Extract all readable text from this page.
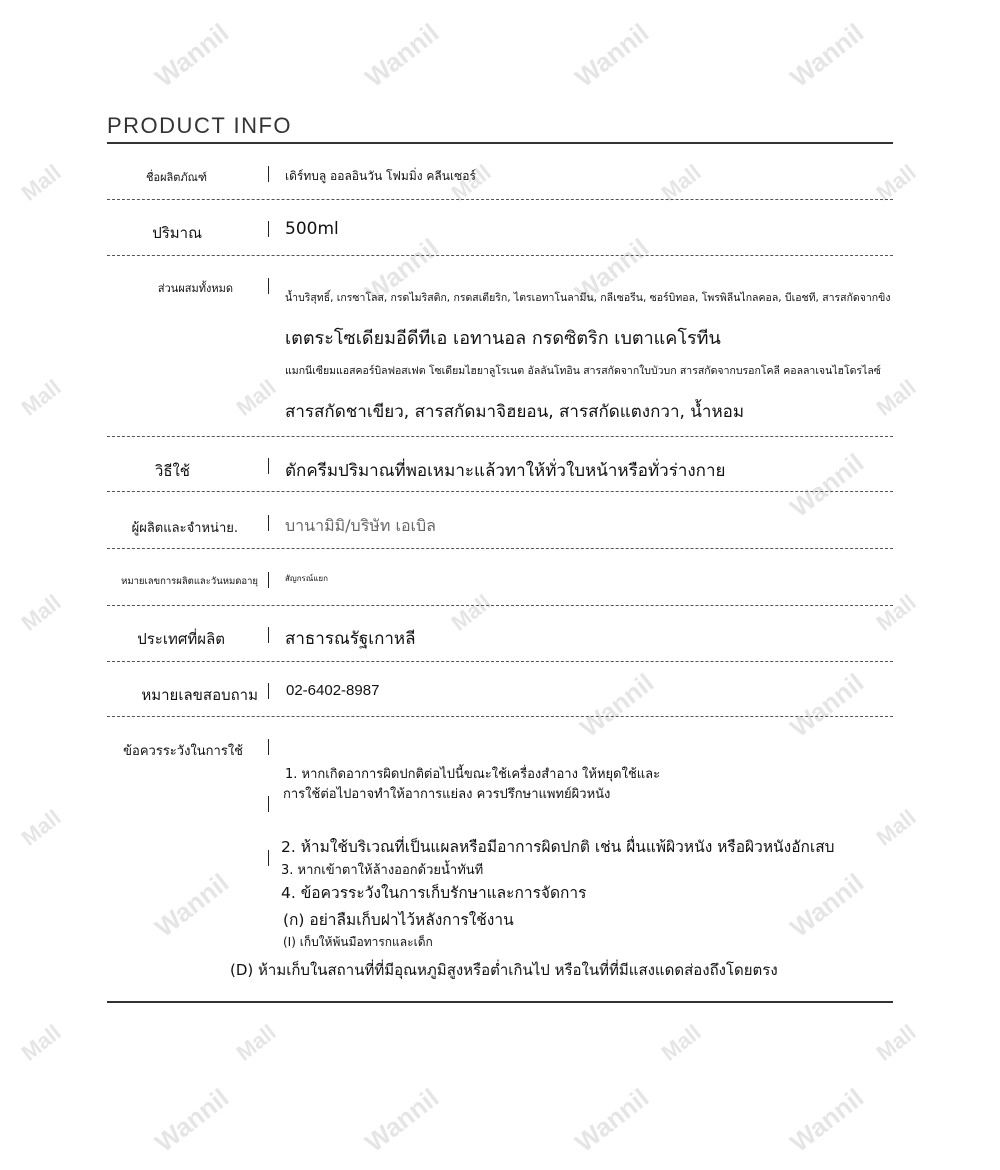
Wannil	Wannil	Wannil	Wannil
Mall	Mall	Mall	Mall
Wannil	Wannil
Mall	Mall	Mall
Wannil
Mall	Mall	Mall
Wannil	Wannil
Mall	Mall
Wannil	Wannil
Mall	Mall	Mall	Mall
Wannil	Wannil	Wannil	Wannil
PRODUCT INFO
ชื่อผลิตภัณฑ์	เดิร์ทบลู ออลอินวัน โฟมมิ่ง คลีนเซอร์
ปริมาณ	500ml
ส่วนผสมทั้งหมด
น้ำบริสุทธิ์, เกรซาโลส, กรดไมริสติก, กรดสเตียริก, ไตรเอทาโนลามีน, กลีเซอรีน, ซอร์บิทอล, โพรพิลีนไกลคอล, บีเอชที, สารสกัดจากขิง
เตตระโซเดียมอีดีทีเอ เอทานอล กรดซิตริก เบตาแคโรทีน
แมกนีเซียมแอสคอร์บิลฟอสเฟต โซเดียมไฮยาลูโรเนต อัลลันโทอิน สารสกัดจากใบบัวบก สารสกัดจากบรอกโคลี คอลลาเจนไฮโดรไลซ์
สารสกัดชาเขียว, สารสกัดมาจิฮยอน, สารสกัดแตงกวา, น้ำหอม
วิธีใช้	ตักครีมปริมาณที่พอเหมาะแล้วทาให้ทั่วใบหน้าหรือทั่วร่างกาย
ผู้ผลิตและจำหน่าย.	บานามิมิ/บริษัท เอเบิล
หมายเลขการผลิตและวันหมดอายุ	สัญกรณ์แยก
ประเทศที่ผลิต	สาธารณรัฐเกาหลี
หมายเลขสอบถาม 02-6402-8987
ข้อควรระวังในการใช้
1. หากเกิดอาการผิดปกติต่อไปนี้ขณะใช้เครื่องสำอาง ให้หยุดใช้และ
การใช้ต่อไปอาจทำให้อาการแย่ลง ควรปรึกษาแพทย์ผิวหนัง
2. ห้ามใช้บริเวณที่เป็นแผลหรือมีอาการผิดปกติ เช่น ผื่นแพ้ผิวหนัง หรือผิวหนังอักเสบ
3. หากเข้าตาให้ล้างออกด้วยน้ำทันที
4. ข้อควรระวังในการเก็บรักษาและการจัดการ
(ก) อย่าลืมเก็บฝาไว้หลังการใช้งาน
(I) เก็บให้พ้นมือทารกและเด็ก
(D) ห้ามเก็บในสถานที่ที่มีอุณหภูมิสูงหรือต่ำเกินไป หรือในที่ที่มีแสงแดดส่องถึงโดยตรง
